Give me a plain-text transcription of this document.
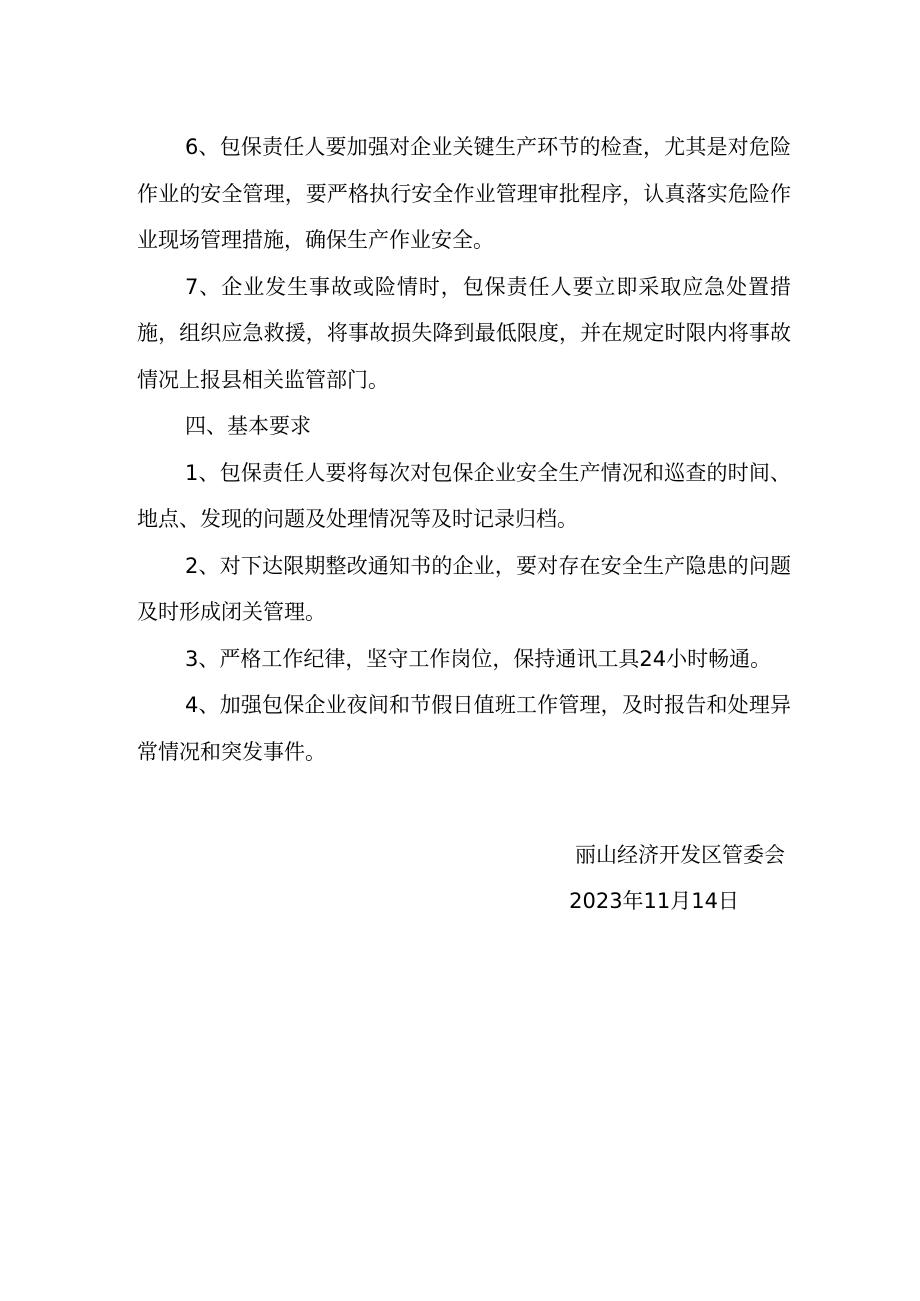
6、包保责任人要加强对企业关键生产环节的检查，尤其是对危险作业的安全管理，要严格执行安全作业管理审批程序，认真落实危险作业现场管理措施，确保生产作业安全。

7、企业发生事故或险情时，包保责任人要立即采取应急处置措施，组织应急救援，将事故损失降到最低限度，并在规定时限内将事故情况上报县相关监管部门。

四、基本要求

1、包保责任人要将每次对包保企业安全生产情况和巡查的时间、地点、发现的问题及处理情况等及时记录归档。

2、对下达限期整改通知书的企业，要对存在安全生产隐患的问题及时形成闭关管理。

3、严格工作纪律，坚守工作岗位，保持通讯工具24小时畅通。

4、加强包保企业夜间和节假日值班工作管理，及时报告和处理异常情况和突发事件。

丽山经济开发区管委会

2023年11月14日
